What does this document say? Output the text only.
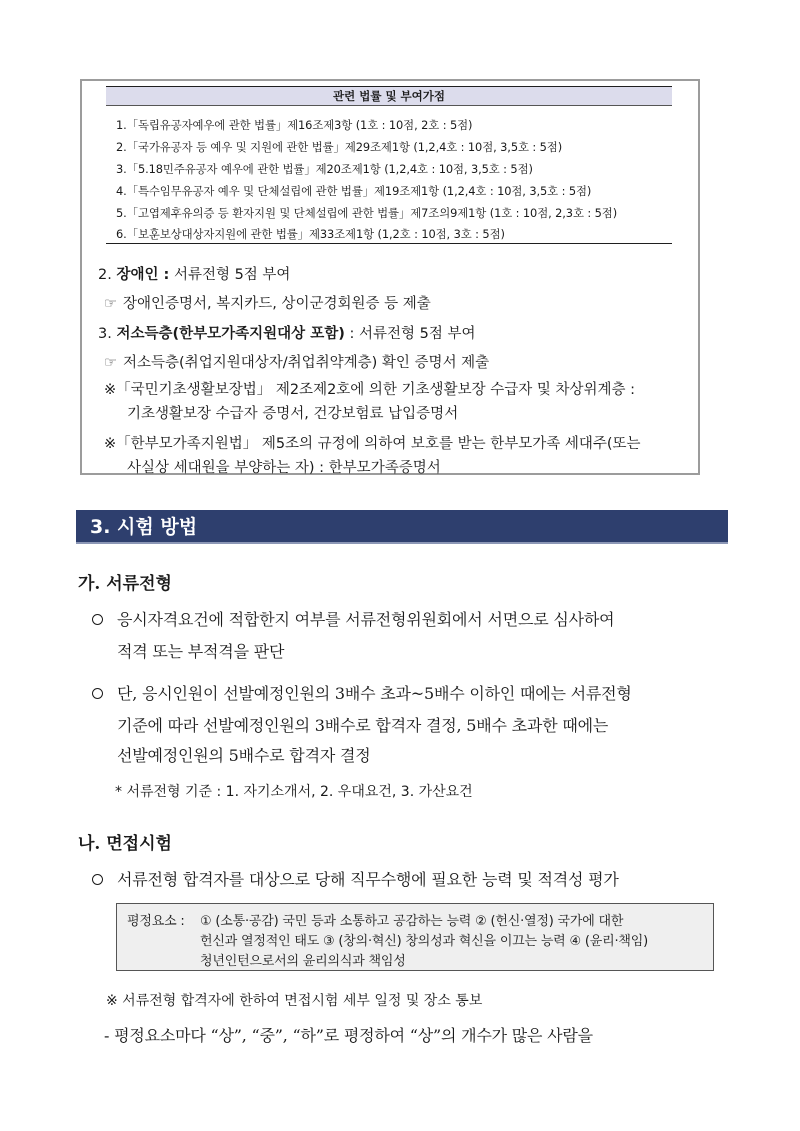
관련 법률 및 부여가점
1.「독립유공자예우에 관한 법률」제16조제3항 (1호 : 10점, 2호 : 5점)
2.「국가유공자 등 예우 및 지원에 관한 법률」제29조제1항 (1,2,4호 : 10점, 3,5호 : 5점)
3.「5.18민주유공자 예우에 관한 법률」제20조제1항 (1,2,4호 : 10점, 3,5호 : 5점)
4.「특수임무유공자 예우 및 단체설립에 관한 법률」제19조제1항 (1,2,4호 : 10점, 3,5호 : 5점)
5.「고엽제후유의증 등 환자지원 및 단체설립에 관한 법률」제7조의9제1항 (1호 : 10점, 2,3호 : 5점)
6.「보훈보상대상자지원에 관한 법률」제33조제1항 (1,2호 : 10점, 3호 : 5점)
2. 장애인 : 서류전형 5점 부여
☞ 장애인증명서, 복지카드, 상이군경회원증 등 제출
3. 저소득층(한부모가족지원대상 포함) : 서류전형 5점 부여
☞ 저소득층(취업지원대상자/취업취약계층) 확인 증명서 제출
※「국민기초생활보장법」 제2조제2호에 의한 기초생활보장 수급자 및 차상위계층 :
기초생활보장 수급자 증명서, 건강보험료 납입증명서
※「한부모가족지원법」 제5조의 규정에 의하여 보호를 받는 한부모가족 세대주(또는
사실상 세대원을 부양하는 자) : 한부모가족증명서
3. 시험 방법
가. 서류전형
응시자격요건에 적합한지 여부를 서류전형위원회에서 서면으로 심사하여
적격 또는 부적격을 판단
단, 응시인원이 선발예정인원의 3배수 초과~5배수 이하인 때에는 서류전형
기준에 따라 선발예정인원의 3배수로 합격자 결정, 5배수 초과한 때에는
선발예정인원의 5배수로 합격자 결정
* 서류전형 기준 : 1. 자기소개서, 2. 우대요건, 3. 가산요건
나. 면접시험
서류전형 합격자를 대상으로 당해 직무수행에 필요한 능력 및 적격성 평가
평정요소 : ① (소통·공감) 국민 등과 소통하고 공감하는 능력 ② (헌신·열정) 국가에 대한
헌신과 열정적인 태도 ③ (창의·혁신) 창의성과 혁신을 이끄는 능력 ④ (윤리·책임)
청년인턴으로서의 윤리의식과 책임성
※ 서류전형 합격자에 한하여 면접시험 세부 일정 및 장소 통보
- 평정요소마다 “상”, “중”, “하”로 평정하여 “상”의 개수가 많은 사람을
